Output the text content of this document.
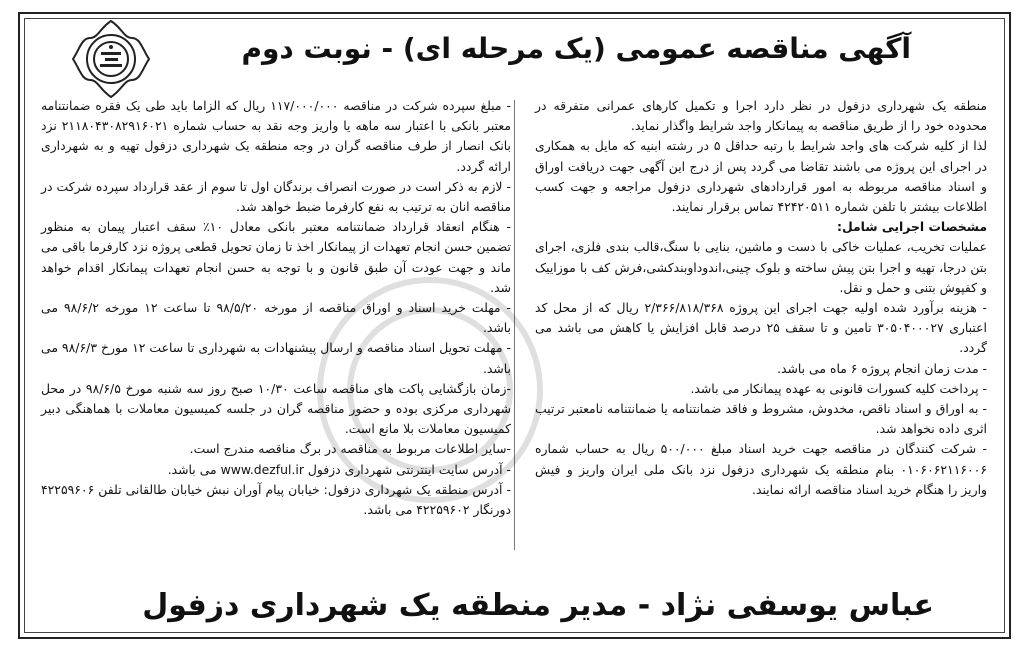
آگهی مناقصه عمومی (یک مرحله ای) - نوبت دوم

منطقه یک شهرداری دزفول در نظر دارد اجرا و تکمیل کارهای عمرانی متفرقه در محدوده خود را از طریق مناقصه به پیمانکار واجد شرایط واگذار نماید.

لذا از کلیه شرکت های واجد شرایط با رتبه حداقل ۵ در رشته ابنیه که مایل به همکاری در اجرای این پروژه می باشند تقاضا می گردد پس از درج این آگهی جهت دریافت اوراق و اسناد مناقصه مربوطه به امور قراردادهای شهرداری دزفول مراجعه و جهت کسب اطلاعات بیشتر با تلفن شماره ۴۲۴۲۰۵۱۱ تماس برقرار نمایند.

مشخصات اجرایی شامل:

عملیات تخریب، عملیات خاکی با دست و ماشین، بنایی با سنگ،قالب بندی فلزی، اجرای بتن درجا، تهیه و اجرا بتن پیش ساخته و بلوک چینی،اندوداوبندکشی،فرش کف با موزاییک و کفپوش بتنی و حمل و نقل.

- هزینه برآورد شده اولیه جهت اجرای این پروژه ۲/۳۶۶/۸۱۸/۳۶۸ ریال که از محل کد اعتباری ۳۰۵۰۴۰۰۰۲۷ تامین و تا سقف ۲۵ درصد قابل افزایش یا کاهش می باشد می گردد.

- مدت زمان انجام پروژه ۶ ماه می باشد.

- پرداخت کلیه کسورات قانونی به عهده پیمانکار می باشد.

- به اوراق و اسناد ناقص، مخدوش، مشروط و فاقد ضمانتنامه یا ضمانتنامه نامعتبر ترتیب اثری داده نخواهد شد.

- شرکت کنندگان در مناقصه جهت خرید اسناد مبلغ ۵۰۰/۰۰۰ ریال به حساب شماره ۰۱۰۶۰۶۲۱۱۶۰۰۶ بنام منطقه یک شهرداری دزفول نزد بانک ملی ایران واریز و فیش واریز را هنگام خرید اسناد مناقصه ارائه نمایند.

- مبلغ سپرده شرکت در مناقصه ۱۱۷/۰۰۰/۰۰۰ ریال که الزاما باید طی یک فقره ضمانتنامه معتبر بانکی با اعتبار سه ماهه یا واریز وجه نقد به حساب شماره ۲۱۱۸۰۴۳۰۸۲۹۱۶۰۲۱ نزد بانک انصار از طرف مناقصه گران در وجه منطقه یک شهرداری دزفول تهیه و به شهرداری ارائه گردد.

- لازم به ذکر است در صورت انصراف برندگان اول تا سوم از عقد قرارداد سپرده شرکت در مناقصه انان به ترتیب به نفع کارفرما ضبط خواهد شد.

- هنگام انعقاد قرارداد ضمانتنامه معتبر بانکی معادل ۱۰٪ سقف اعتبار پیمان به منظور تضمین حسن انجام تعهدات از پیمانکار اخذ تا زمان تحویل قطعی پروژه نزد کارفرما باقی می ماند و جهت عودت آن طبق قانون و با توجه به حسن انجام تعهدات پیمانکار اقدام خواهد شد.

- مهلت خرید اسناد و اوراق مناقصه از مورخه ۹۸/۵/۲۰ تا ساعت ۱۲ مورخه ۹۸/۶/۲ می باشد.

- مهلت تحویل اسناد مناقصه و ارسال پیشنهادات به شهرداری تا ساعت ۱۲ مورخ ۹۸/۶/۳ می باشد.

-زمان بازگشایی پاکت های مناقصه ساعت ۱۰/۳۰ صبح روز سه شنبه مورخ ۹۸/۶/۵ در محل شهرداری مرکزی بوده و حضور مناقصه گران در جلسه کمیسیون معاملات با هماهنگی دبیر کمیسیون معاملات بلا مانع است.

-سایر اطلاعات مربوط به مناقصه در برگ مناقصه مندرج است.

- آدرس سایت اینترنتی شهرداری دزفول www.dezful.ir می باشد.

- آدرس منطقه یک شهرداری دزفول: خیابان پیام آوران نبش خیابان طالقانی تلفن ۴۲۲۵۹۶۰۶ دورنگار ۴۲۲۵۹۶۰۲ می باشد.

عباس یوسفی نژاد - مدیر منطقه یک شهرداری دزفول
